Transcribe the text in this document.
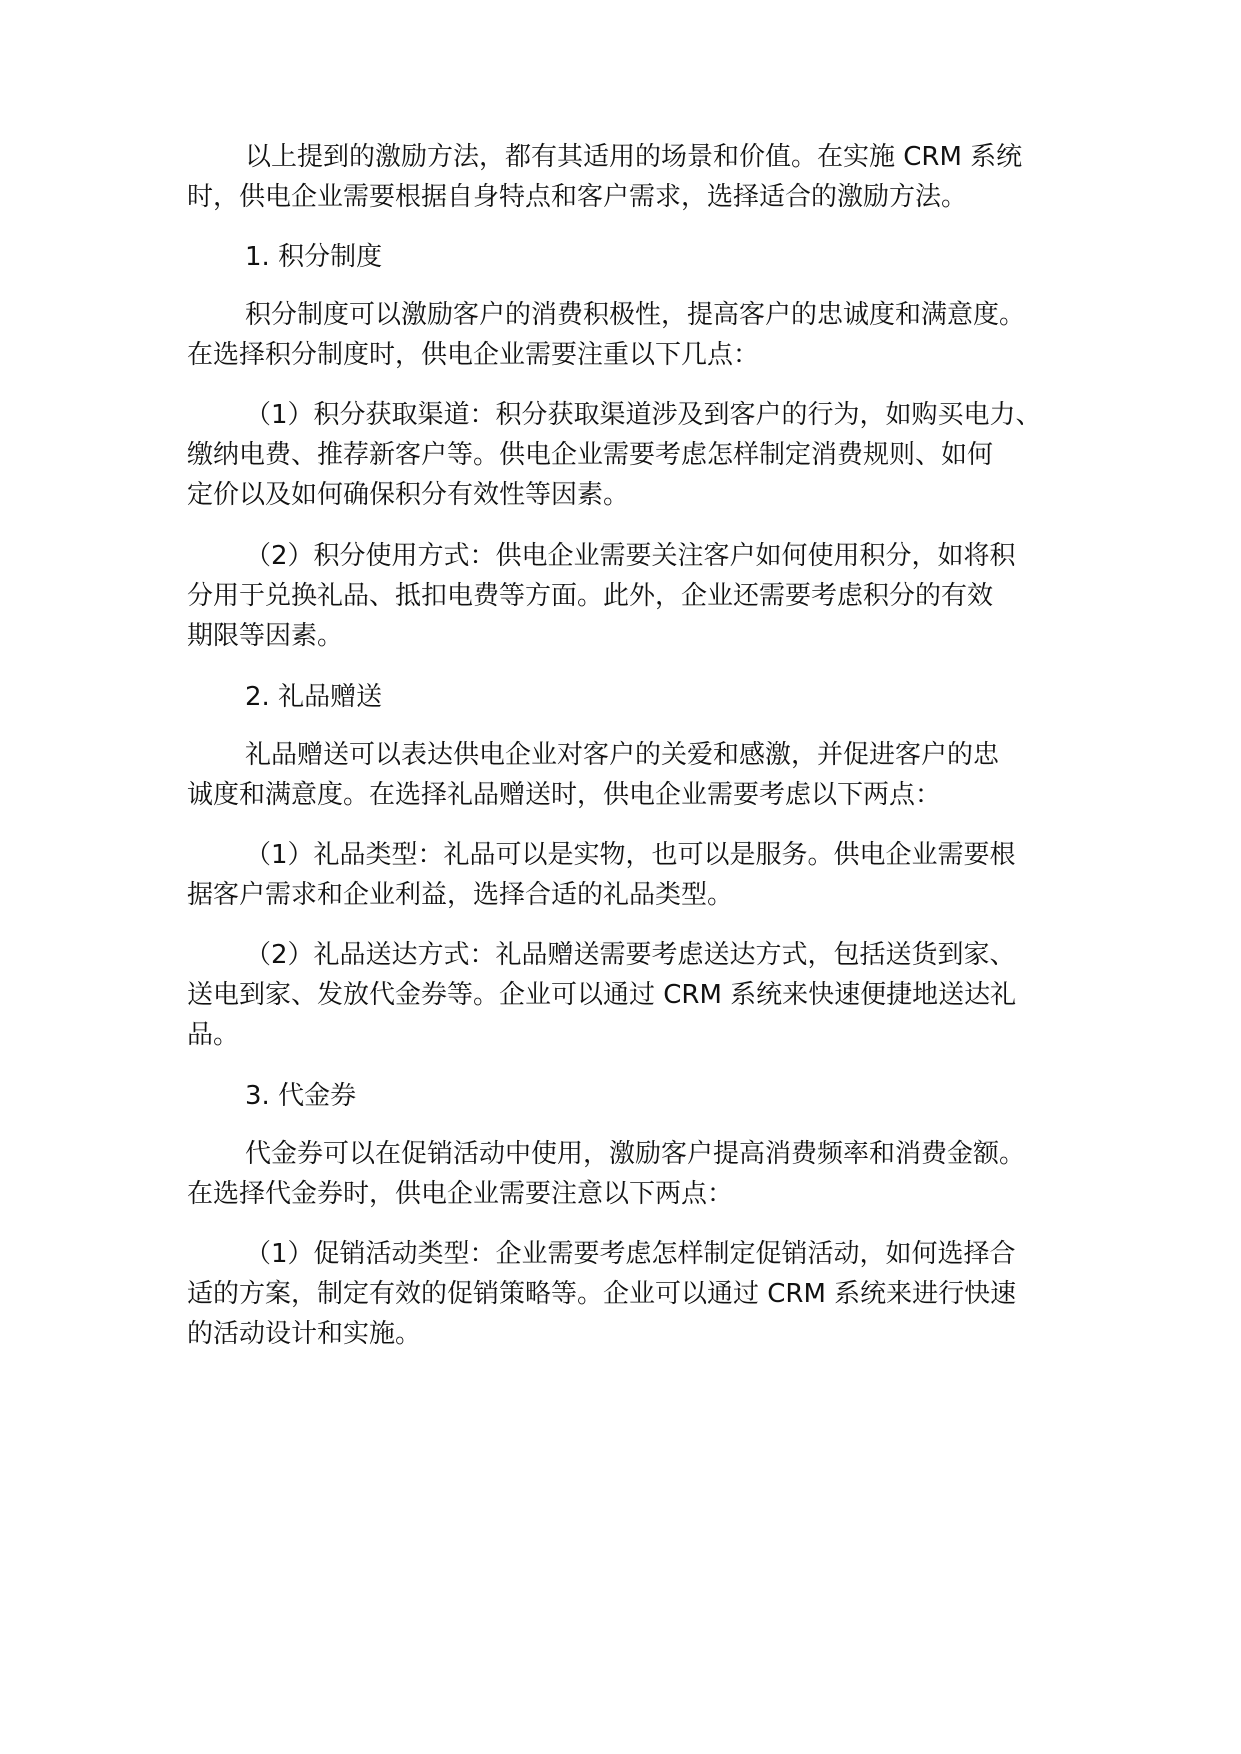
以上提到的激励方法，都有其适用的场景和价值。在实施 CRM 系统
时，供电企业需要根据自身特点和客户需求，选择适合的激励方法。

1. 积分制度

积分制度可以激励客户的消费积极性，提高客户的忠诚度和满意度。
在选择积分制度时，供电企业需要注重以下几点：

（1）积分获取渠道：积分获取渠道涉及到客户的行为，如购买电力、
缴纳电费、推荐新客户等。供电企业需要考虑怎样制定消费规则、如何
定价以及如何确保积分有效性等因素。

（2）积分使用方式：供电企业需要关注客户如何使用积分，如将积
分用于兑换礼品、抵扣电费等方面。此外，企业还需要考虑积分的有效
期限等因素。

2. 礼品赠送

礼品赠送可以表达供电企业对客户的关爱和感激，并促进客户的忠
诚度和满意度。在选择礼品赠送时，供电企业需要考虑以下两点：

（1）礼品类型：礼品可以是实物，也可以是服务。供电企业需要根
据客户需求和企业利益，选择合适的礼品类型。

（2）礼品送达方式：礼品赠送需要考虑送达方式，包括送货到家、
送电到家、发放代金券等。企业可以通过 CRM 系统来快速便捷地送达礼
品。

3. 代金券

代金券可以在促销活动中使用，激励客户提高消费频率和消费金额。
在选择代金券时，供电企业需要注意以下两点：

（1）促销活动类型：企业需要考虑怎样制定促销活动，如何选择合
适的方案，制定有效的促销策略等。企业可以通过 CRM 系统来进行快速
的活动设计和实施。
